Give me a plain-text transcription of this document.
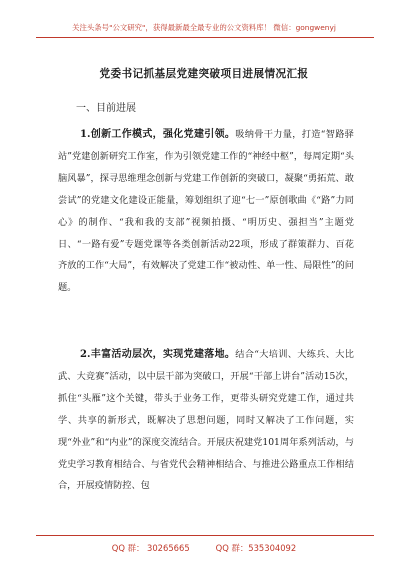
关注头条号"公文研究"，获得最新最全最专业的公文资料库！ 微信：gongwenyj
党委书记抓基层党建突破项目进展情况汇报
一、目前进展

1.创新工作模式，强化党建引领。吸纳骨干力量，打造“智路驿站”党建创新研究工作室，作为引领党建工作的“神经中枢”，每周定期“头脑风暴”，探寻思维理念创新与党建工作创新的突破口，凝聚“勇拓荒、敢尝试”的党建文化建设正能量，筹划组织了迎“七一”原创歌曲《“路”力同心》的制作、“我和我的支部”视频拍摄、“明历史、强担当”主题党日、“一路有爱”专题党课等各类创新活动22项，形成了群策群力、百花齐放的工作“大局”，有效解决了党建工作“被动性、单一性、局限性”的问题。

2.丰富活动层次，实现党建落地。结合“大培训、大练兵、大比武、大竞赛”活动，以中层干部为突破口，开展“干部上讲台”活动15次，抓住“头雁”这个关键，带头于业务工作，更带头研究党建工作，通过共学、共享的新形式，既解决了思想问题，同时又解决了工作问题，实现“外业”和“内业”的深度交流结合。开展庆祝建党101周年系列活动，与党史学习教育相结合、与省党代会精神相结合、与推进公路重点工作相结合，开展疫情防控、包

QQ 群： 30265665	QQ 群：535304092
